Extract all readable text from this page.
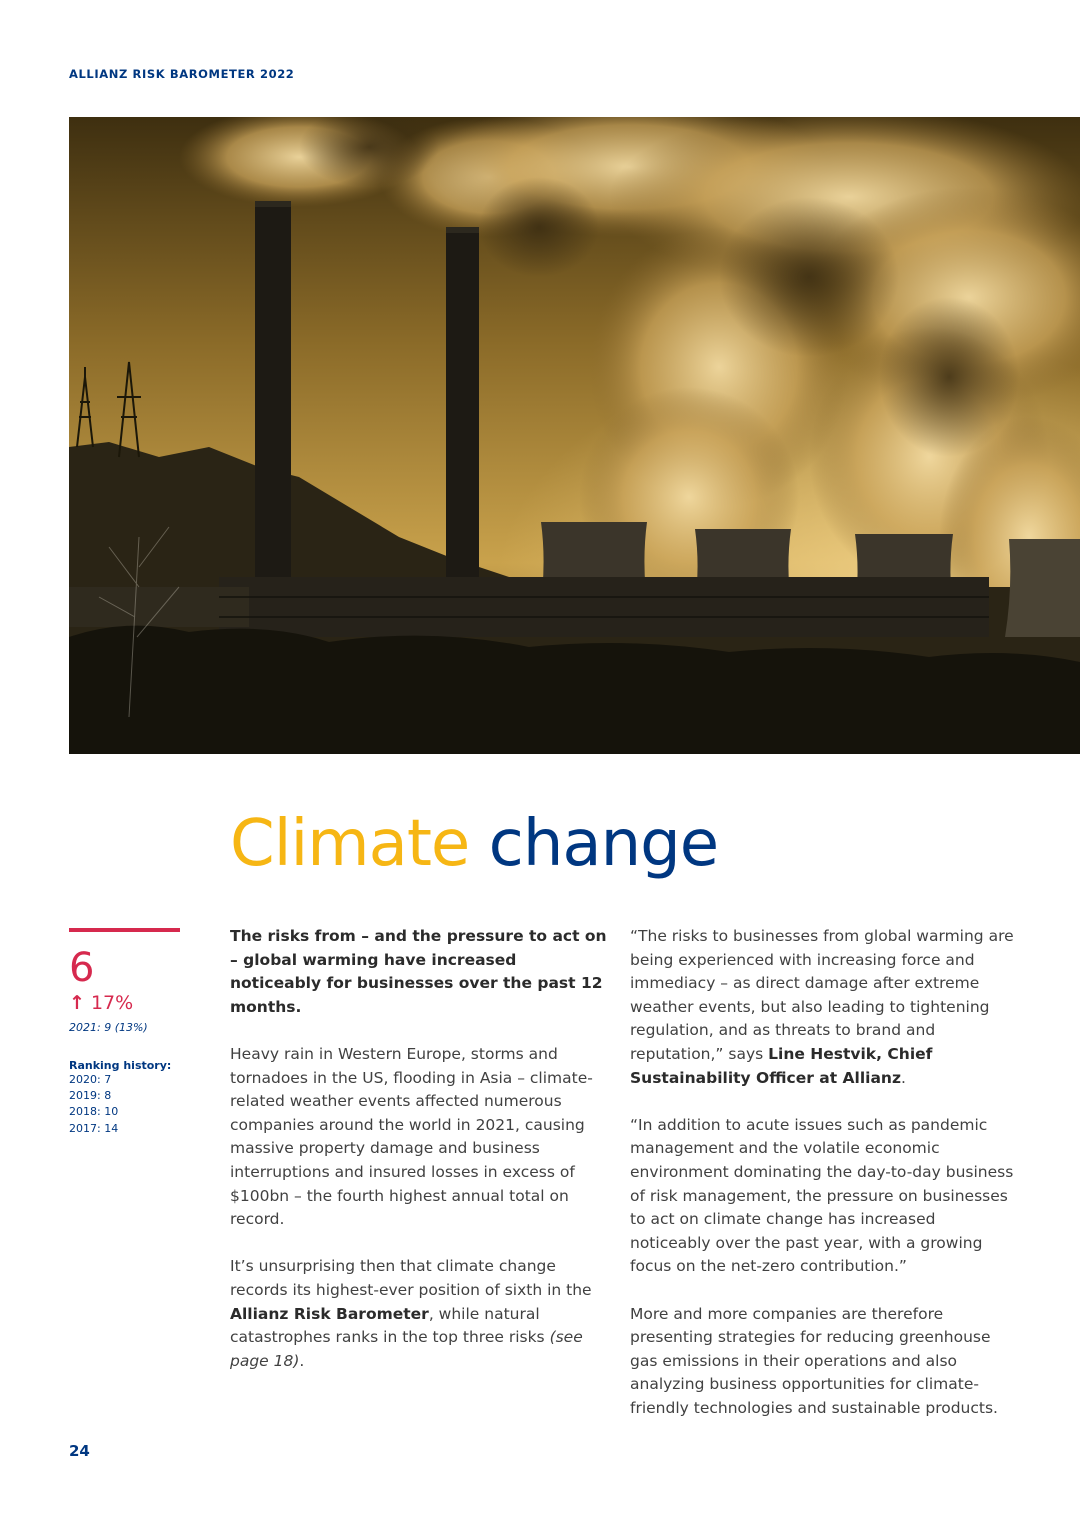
ALLIANZ RISK BAROMETER 2022
Climate change
6
↑ 17%
2021: 9 (13%)
Ranking history:
2020: 7
2019: 8
2018: 10
2017: 14

The risks from – and the pressure to act on – global warming have increased noticeably for businesses over the past 12 months.

Heavy rain in Western Europe, storms and tornadoes in the US, flooding in Asia – climate-related weather events affected numerous companies around the world in 2021, causing massive property damage and business interruptions and insured losses in excess of $100bn – the fourth highest annual total on record.

It’s unsurprising then that climate change records its highest-ever position of sixth in the Allianz Risk Barometer, while natural catastrophes ranks in the top three risks (see page 18).

“The risks to businesses from global warming are being experienced with increasing force and immediacy – as direct damage after extreme weather events, but also leading to tightening regulation, and as threats to brand and reputation,” says Line Hestvik, Chief Sustainability Officer at Allianz.

“In addition to acute issues such as pandemic management and the volatile economic environment dominating the day-to-day business of risk management, the pressure on businesses to act on climate change has increased noticeably over the past year, with a growing focus on the net-zero contribution.”

More and more companies are therefore presenting strategies for reducing greenhouse gas emissions in their operations and also analyzing business opportunities for climate-friendly technologies and sustainable products.

24
